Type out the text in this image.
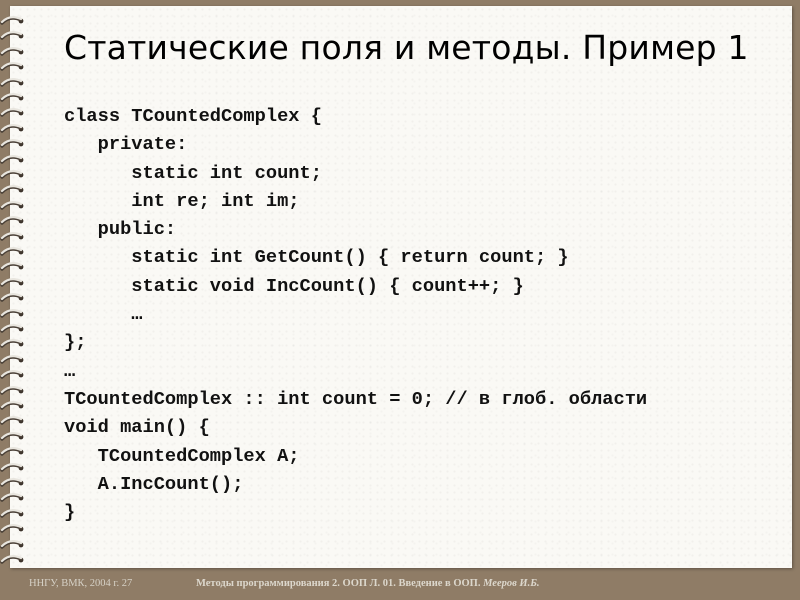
Статические поля и методы. Пример 1
class TCountedComplex {
private:
static int count;
int re; int im;
public:
static int GetCount() { return count; }
static void IncCount() { count++; }
…
};
…
TCountedComplex :: int count = 0; // в глоб. области
void main() {
TCountedComplex A;
A.IncCount();
}
ННГУ, ВМК, 2004 г. 27	Методы программирования 2. ООП Л. 01. Введение в ООП. Мееров И.Б.
